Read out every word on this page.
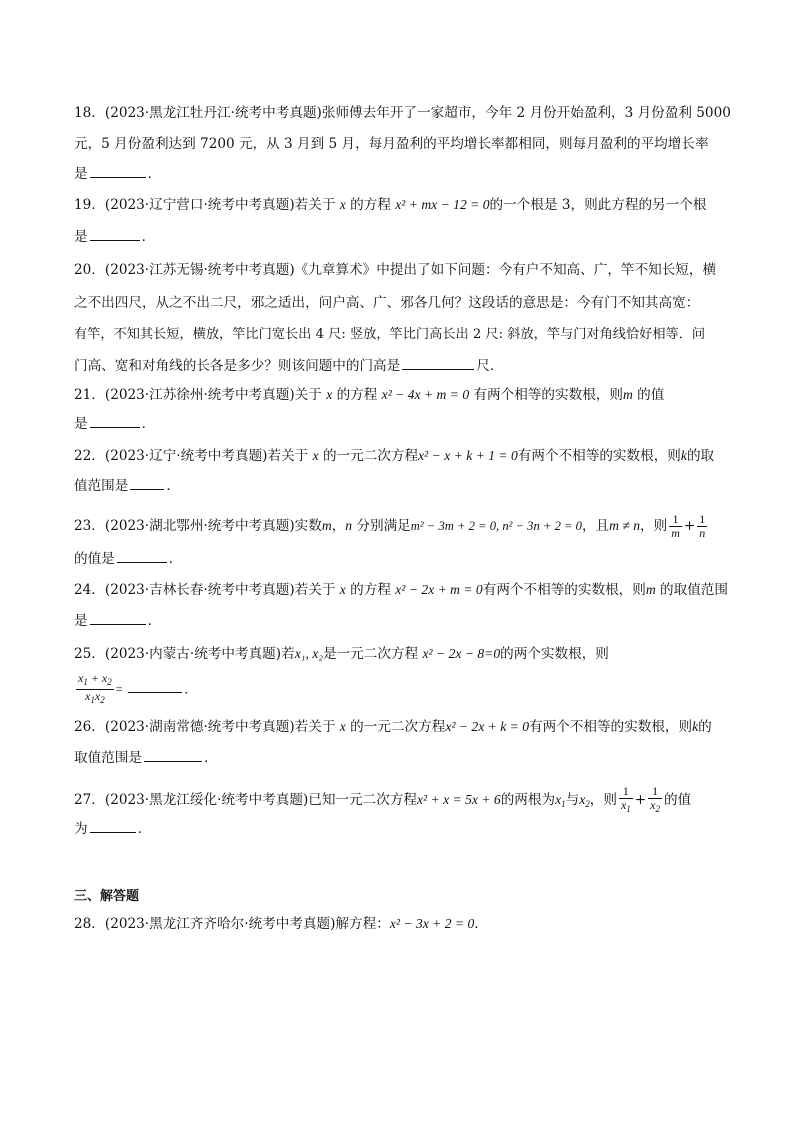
18．(2023·黑龙江牡丹江·统考中考真题)张师傅去年开了一家超市，今年 2 月份开始盈利，3 月份盈利 5000
元，5 月份盈利达到 7200 元，从 3 月到 5 月，每月盈利的平均增长率都相同，则每月盈利的平均增长率
是	．
19．(2023·辽宁营口·统考中考真题)若关于 x 的方程 x² + mx − 12 = 0的一个根是 3，则此方程的另一个根
是	．
20．(2023·江苏无锡·统考中考真题)《九章算术》中提出了如下问题：今有户不知高、广，竿不知长短，横
之不出四尺，从之不出二尺，邪之适出，问户高、广、邪各几何？这段话的意思是：今有门不知其高宽：
有竿，不知其长短，横放，竿比门宽长出 4 尺: 竖放，竿比门高长出 2 尺: 斜放，竿与门对角线恰好相等．问
门高、宽和对角线的长各是多少？则该问题中的门高是	尺．
21．(2023·江苏徐州·统考中考真题)关于 x 的方程 x² − 4x + m = 0 有两个相等的实数根，则m 的值
是	．
22．(2023·辽宁·统考中考真题)若关于 x 的一元二次方程x² − x + k + 1 = 0有两个不相等的实数根，则k的取
值范围是	．
23．(2023·湖北鄂州·统考中考真题)实数m，n 分别满足m² − 3m + 2 = 0, n² − 3n + 2 = 0，且m ≠ n，则 $\frac{1}{m} + \frac{1}{n}$
的值是	．
24．(2023·吉林长春·统考中考真题)若关于 x 的方程 x² − 2x + m = 0有两个不相等的实数根，则m 的取值范围
是	．
25．(2023·内蒙古·统考中考真题)若x₁, x₂是一元二次方程 x² − 2x − 8=0的两个实数根，则
$\frac{x_1 + x_2}{x_1x_2}$ =	．
26．(2023·湖南常德·统考中考真题)若关于 x 的一元二次方程x² − 2x + k = 0有两个不相等的实数根，则k的
取值范围是	．
27．(2023·黑龙江绥化·统考中考真题)已知一元二次方程x² + x = 5x + 6的两根为$x_1$与$x_2$，则 $\frac{1}{x_1} + \frac{1}{x_2}$ 的值
为	．
三、解答题
28．(2023·黑龙江齐齐哈尔·统考中考真题)解方程：x² − 3x + 2 = 0．
